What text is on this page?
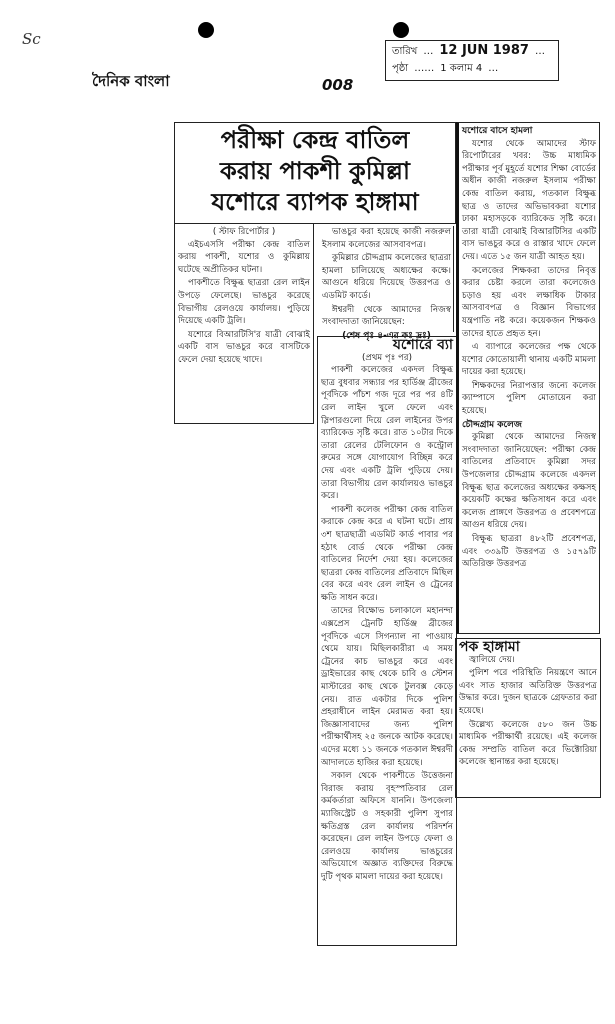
Sc
দৈনিক বাংলা	008
তারিখ … 12 JUN 1987 …
পৃষ্ঠা …… 1 কলাম 4 …
পরীক্ষা কেন্দ্র বাতিল
করায় পাকশী কুমিল্লা
যশোরে ব্যাপক হাঙ্গামা
( স্টাফ রিপোর্টার )

এইচএসসি পরীক্ষা কেন্দ্র বাতিল করায় পাকশী, যশোর ও কুমিল্লায় ঘটেছে অপ্রীতিকর ঘটনা।

পাকশীতে বিক্ষুব্ধ ছাত্ররা রেল লাইন উপড়ে ফেলেছে। ভাঙচুর করেছে বিভাগীয় রেলওয়ে কার্যালয়। পুড়িয়ে দিয়েছে একটি ট্রলি।

যশোরে বিআরটিসি'র যাত্রী বোঝাই একটি বাস ভাঙচুর করে বাসটিকে ফেলে দেয়া হয়েছে খাদে।

ভাঙচুর করা হয়েছে কাজী নজরুল ইসলাম কলেজের আসবাবপত্র।

কুমিল্লার চৌদ্দগ্রাম কলেজের ছাত্ররা হামলা চালিয়েছে অধ্যক্ষের কক্ষে। আগুনে ধরিয়ে দিয়েছে উত্তরপত্র ও এডমিট কার্ডে।

ঈশ্বরদী থেকে আমাদের নিজস্ব সংবাদদাতা জানিয়েছেন:

(শেষ পৃঃ ৪-এর কঃ দ্রঃ)
যশোরে ব্যা
(প্রথম পৃঃ পর)

পাকশী কলেজের একদল বিক্ষুব্ধ ছাত্র বুধবার সন্ধ্যার পর হার্ডিঞ্জ ব্রীজের পূর্বদিকে পাঁচশ গজ দূরে পর পর ৪টি রেল লাইন খুলে ফেলে এবং স্লিপারগুলো দিয়ে রেল লাইনের উপর ব্যারিকেড সৃষ্টি করে। রাত ১০টার দিকে তারা রেলের টেলিফোন ও কন্ট্রোল রুমের সঙ্গে যোগাযোগ বিচ্ছিন্ন করে দেয় এবং একটি ট্রলি পুড়িয়ে দেয়। তারা বিভাগীয় রেল কার্যালয়ও ভাঙচুর করে।

পাকশী কলেজ পরীক্ষা কেন্দ্র বাতিল করাকে কেন্দ্র করে এ ঘটনা ঘটে। প্রায় ৩শ ছাত্রছাত্রী এডমিট কার্ড পাবার পর হঠাৎ বোর্ড থেকে পরীক্ষা কেন্দ্র বাতিলের নির্দেশ দেয়া হয়। কলেজের ছাত্ররা কেন্দ্র বাতিলের প্রতিবাদে মিছিল বের করে এবং রেল লাইন ও ট্রেনের ক্ষতি সাধন করে।

তাদের বিক্ষোভ চলাকালে মহানন্দা এক্সপ্রেস ট্রেনটি হার্ডিঞ্জ ব্রীজের পূর্বদিকে এসে সিগন্যাল না পাওয়ায় থেমে যায়। মিছিলকারীরা এ সময় ট্রেনের কাচ ভাঙচুর করে এবং ড্রাইভারের কাছ থেকে চাবি ও স্টেশন মাস্টারের কাছ থেকে টুলবক্স কেড়ে নেয়। রাত একটার দিকে পুলিশ প্রহরাধীনে লাইন মেরামত করা হয়। জিজ্ঞাসাবাদের জন্য পুলিশ পরীক্ষার্থীসহ ২৫ জনকে আটক করেছে। এদের মধ্যে ১১ জনকে গতকাল ঈশ্বরদী আদালতে হাজির করা হয়েছে।

সকাল থেকে পাকশীতে উত্তেজনা বিরাজ করায় বৃহস্পতিবার রেল কর্মকর্তারা অফিসে যাননি। উপজেলা ম্যাজিস্ট্রেট ও সহকারী পুলিশ সুপার ক্ষতিগ্রস্ত রেল কার্যালয় পরিদর্শন করেছেন। রেল লাইন উপড়ে ফেলা ও রেলওয়ে কার্যালয় ভাঙচুরের অভিযোগে অজ্ঞাত ব্যক্তিদের বিরুদ্ধে দুটি পৃথক মামলা দায়ের করা হয়েছে।

যশোরে বাসে হামলা

যশোর থেকে আমাদের স্টাফ রিপোর্টারের খবর: উচ্চ মাধ্যমিক পরীক্ষার পূর্ব মুহূর্তে যশোর শিক্ষা বোর্ডের অধীন কাজী নজরুল ইসলাম পরীক্ষা কেন্দ্র বাতিল করায়, গতকাল বিক্ষুব্ধ ছাত্র ও তাদের অভিভাবকরা যশোর ঢাকা মহাসড়কে ব্যারিকেড সৃষ্টি করে। তারা যাত্রী বোঝাই বিআরটিসির একটি বাস ভাঙচুর করে ও রাস্তার খাদে ফেলে দেয়। এতে ১৫ জন যাত্রী আহত হয়।

কলেজের শিক্ষকরা তাদের নিবৃত্ত করার চেষ্টা করলে তারা কলেজেও চড়াও হয় এবং লক্ষাধিক টাকার আসবাবপত্র ও বিজ্ঞান বিভাগের যন্ত্রপাতি নষ্ট করে। কয়েকজন শিক্ষকও তাদের হাতে প্রহৃত হন।

এ ব্যাপারে কলেজের পক্ষ থেকে যশোর কোতোয়ালী থানায় একটি মামলা দায়ের করা হয়েছে।

শিক্ষকদের নিরাপত্তার জন্যে কলেজ ক্যাম্পাসে পুলিশ মোতায়েন করা হয়েছে।

চৌদ্দগ্রাম কলেজ

কুমিল্লা থেকে আমাদের নিজস্ব সংবাদদাতা জানিয়েছেন: পরীক্ষা কেন্দ্র বাতিলের প্রতিবাদে কুমিল্লা সদর উপজেলার চৌদ্দগ্রাম কলেজে একদল বিক্ষুব্ধ ছাত্র কলেজের অধ্যক্ষের কক্ষসহ কয়েকটি কক্ষের ক্ষতিসাধন করে এবং কলেজ প্রাঙ্গণে উত্তরপত্র ও প্রবেশপত্রে আগুন ধরিয়ে দেয়।

বিক্ষুব্ধ ছাত্ররা ৪৮২টি প্রবেশপত্র, এবং ৩৩৯টি উত্তরপত্র ও ১৫৭৯টি অতিরিক্ত উত্তরপত্র

পক হাঙ্গামা

জ্বালিয়ে দেয়।

পুলিশ পরে পরিস্থিতি নিয়ন্ত্রণে আনে এবং সাত হাজার অতিরিক্ত উত্তরপত্র উদ্ধার করে। দুজন ছাত্রকে গ্রেফতার করা হয়েছে।

উল্লেখ্য কলেজে ৫৮০ জন উচ্চ মাধ্যমিক পরীক্ষার্থী রয়েছে। এই কলেজ কেন্দ্র সম্প্রতি বাতিল করে ভিক্টোরিয়া কলেজে স্থানান্তর করা হয়েছে।
